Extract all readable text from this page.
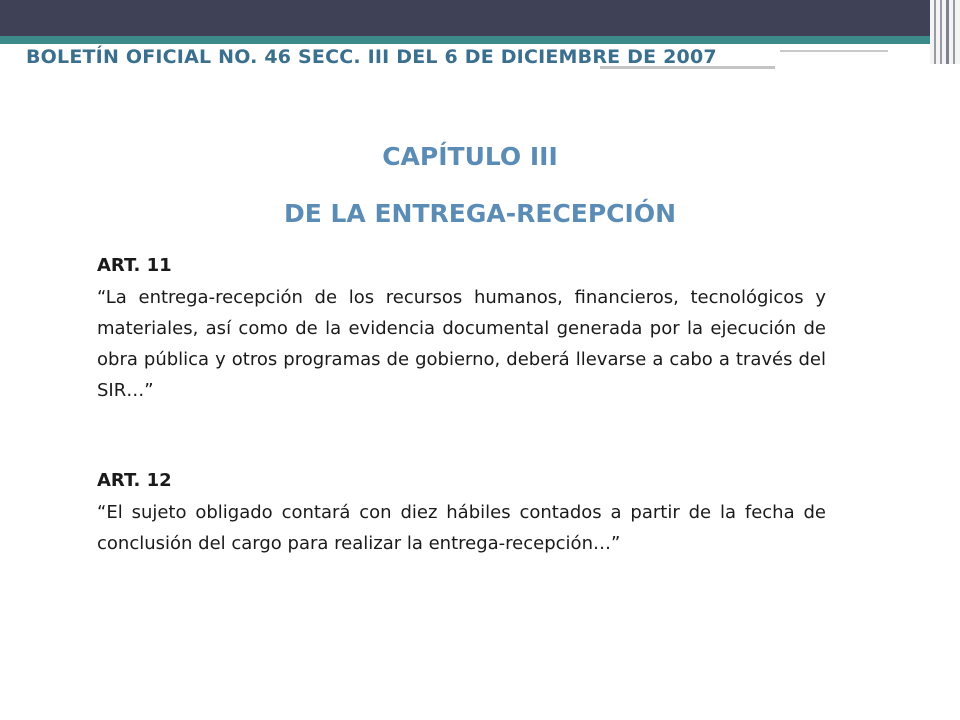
BOLETÍN OFICIAL NO. 46 SECC. III DEL 6 DE DICIEMBRE DE 2007
CAPÍTULO III
DE LA ENTREGA-RECEPCIÓN
ART. 11

“La entrega-recepción de los recursos humanos, financieros, tecnológicos y materiales, así como de la evidencia documental generada por la ejecución de obra pública y otros programas de gobierno, deberá llevarse a cabo a través del SIR…”

ART. 12

“El sujeto obligado contará con diez hábiles contados a partir de la fecha de conclusión del cargo para realizar la entrega-recepción…”
